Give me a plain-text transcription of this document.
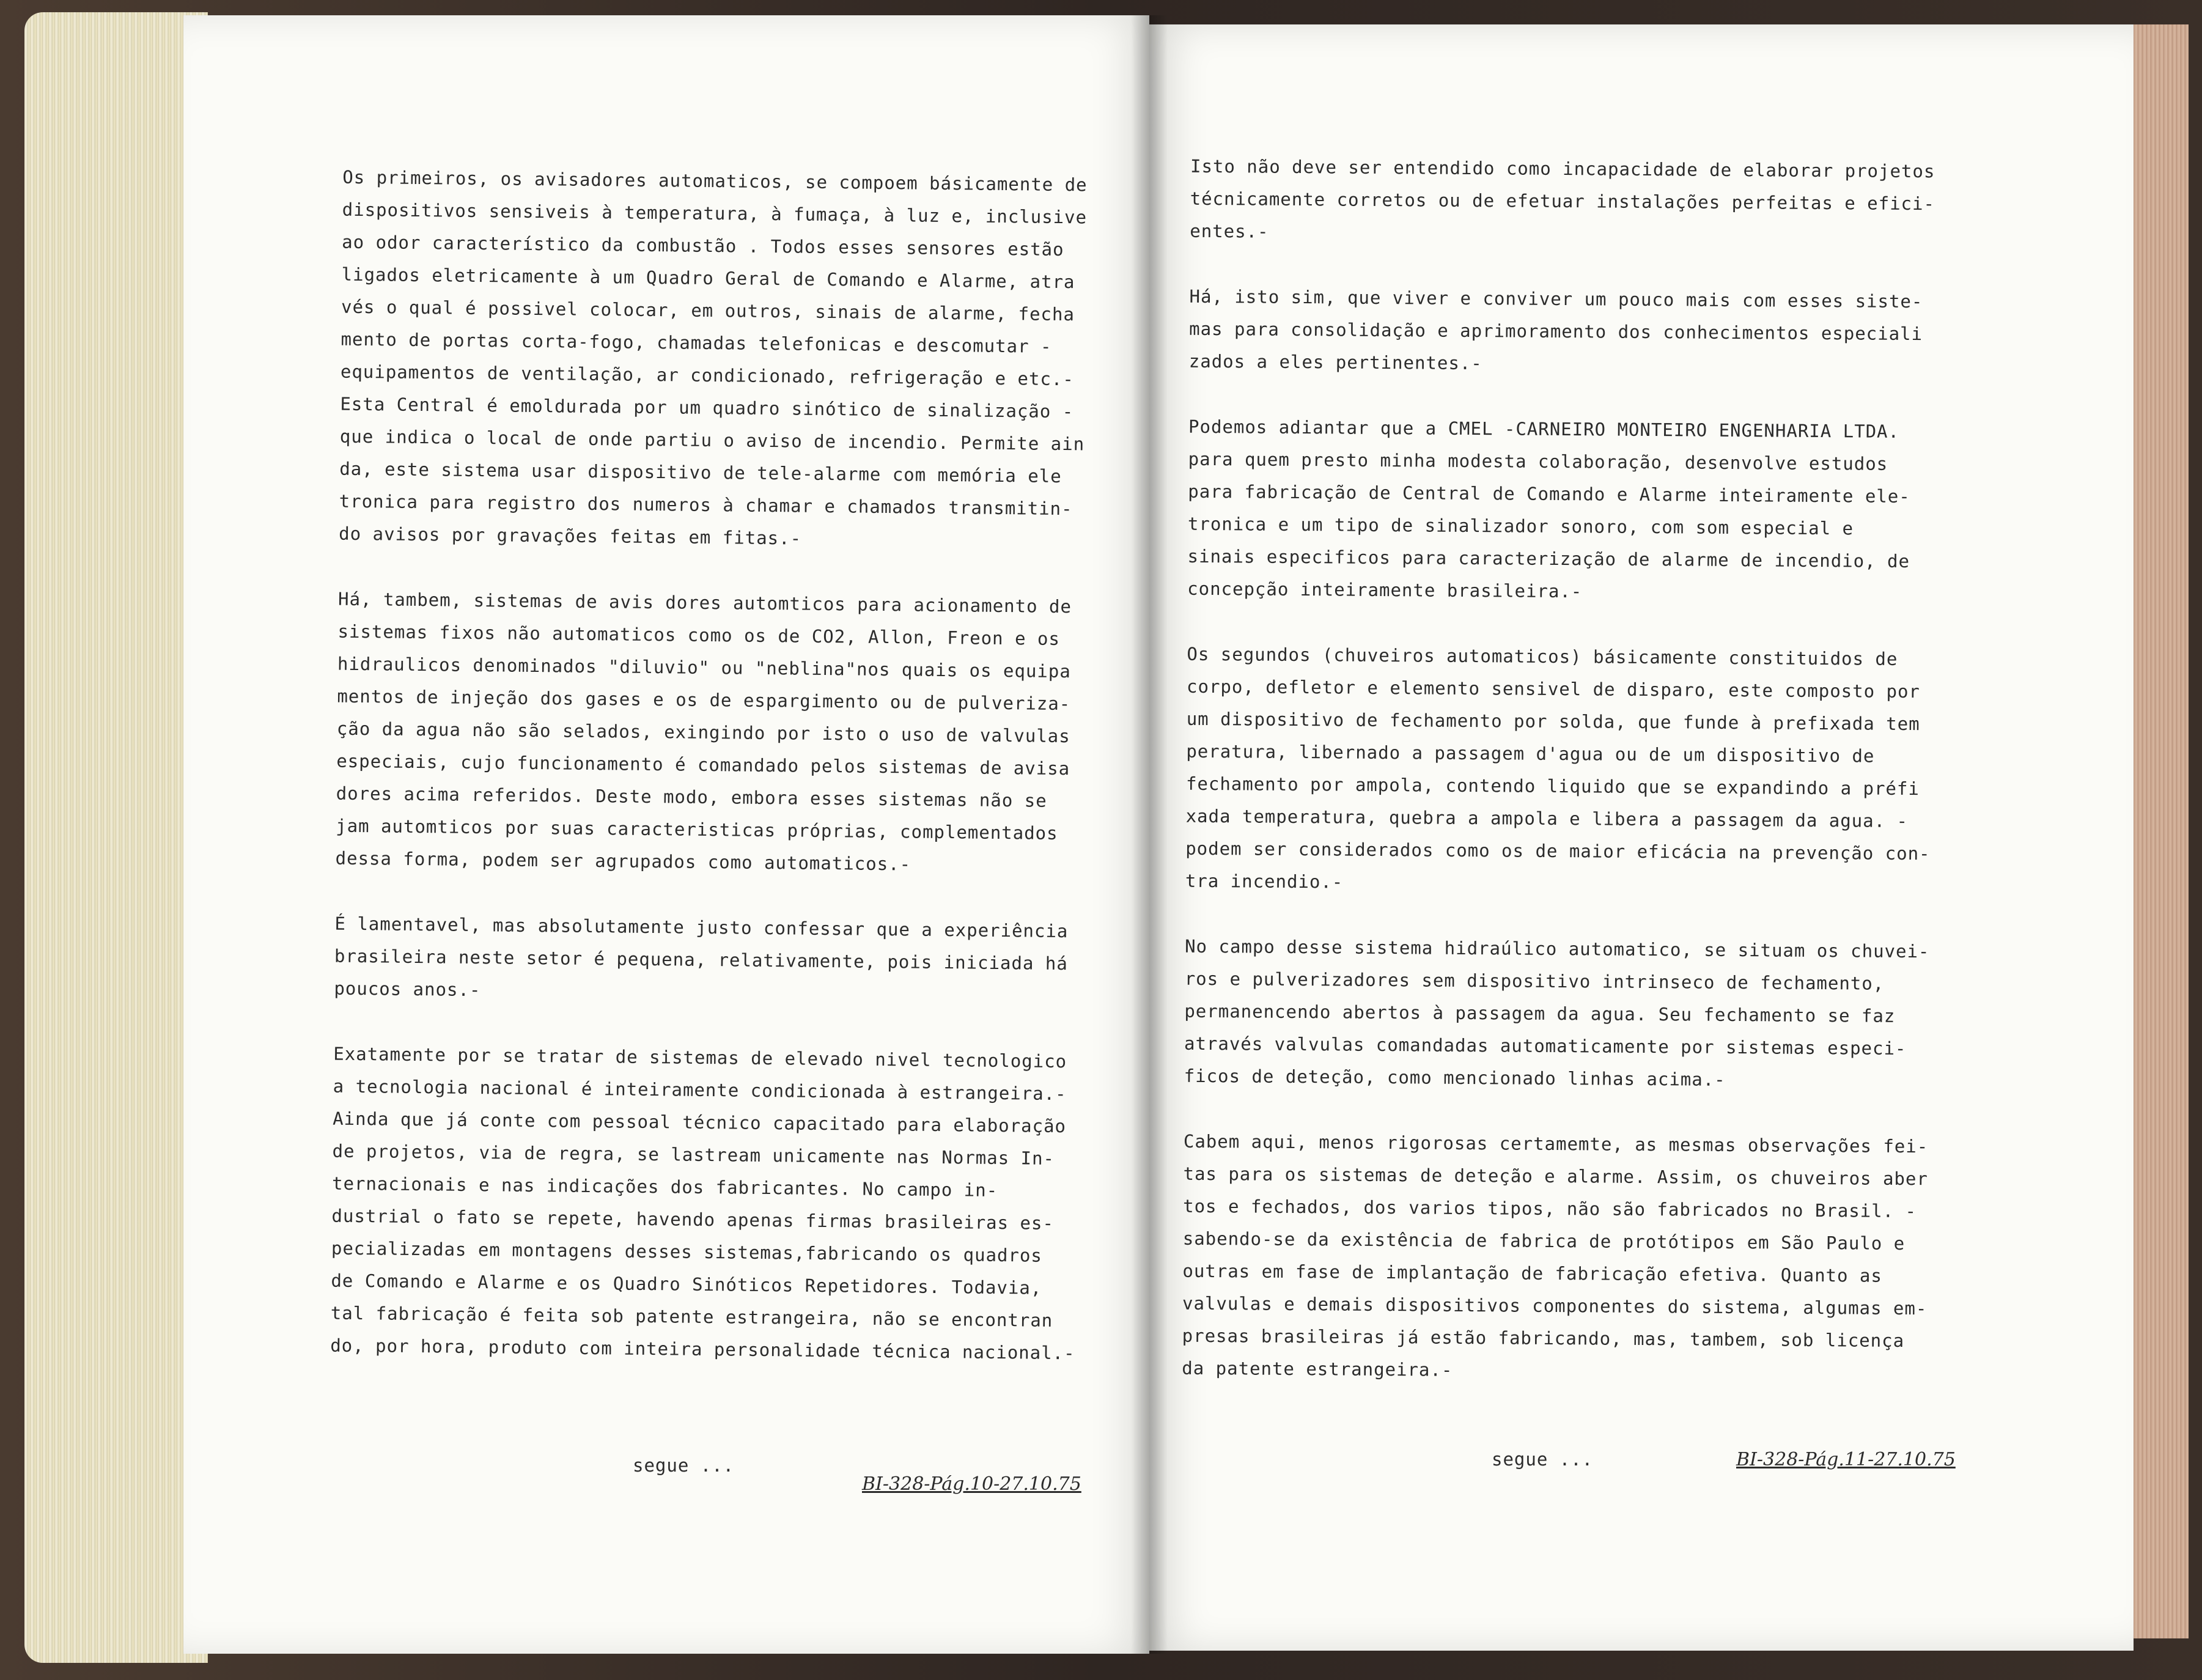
Os primeiros, os avisadores automaticos, se compoem básicamente de
dispositivos sensiveis à temperatura, à fumaça, à luz e, inclusive
ao odor característico da combustão . Todos esses sensores estão
ligados eletricamente à um Quadro Geral de Comando e Alarme, atra
vés o qual é possivel colocar, em outros, sinais de alarme, fecha
mento de portas corta-fogo, chamadas telefonicas e descomutar -
equipamentos de ventilação, ar condicionado, refrigeração e etc.-
Esta Central é emoldurada por um quadro sinótico de sinalização -
que indica o local de onde partiu o aviso de incendio. Permite ain
da, este sistema usar dispositivo de tele-alarme com memória ele
tronica para registro dos numeros à chamar e chamados transmitin-
do avisos por gravações feitas em fitas.-
Há, tambem, sistemas de avis dores automticos para acionamento de
sistemas fixos não automaticos como os de CO2, Allon, Freon e os
hidraulicos denominados "diluvio" ou "neblina"nos quais os equipa
mentos de injeção dos gases e os de espargimento ou de pulveriza-
ção da agua não são selados, exingindo por isto o uso de valvulas
especiais, cujo funcionamento é comandado pelos sistemas de avisa
dores acima referidos. Deste modo, embora esses sistemas não se
jam automticos por suas caracteristicas próprias, complementados
dessa forma, podem ser agrupados como automaticos.-
É lamentavel, mas absolutamente justo confessar que a experiência
brasileira neste setor é pequena, relativamente, pois iniciada há
poucos anos.-
Exatamente por se tratar de sistemas de elevado nivel tecnologico
a tecnologia nacional é inteiramente condicionada à estrangeira.-
Ainda que já conte com pessoal técnico capacitado para elaboração
de projetos, via de regra, se lastream unicamente nas Normas In-
ternacionais e nas indicações dos fabricantes. No campo in-
dustrial o fato se repete, havendo apenas firmas brasileiras es-
pecializadas em montagens desses sistemas,fabricando os quadros
de Comando e Alarme e os Quadro Sinóticos Repetidores. Todavia,
tal fabricação é feita sob patente estrangeira, não se encontran
do, por hora, produto com inteira personalidade técnica nacional.-
segue ...
BI-328-Pág.10-27.10.75
Isto não deve ser entendido como incapacidade de elaborar projetos
técnicamente corretos ou de efetuar instalações perfeitas e efici-
entes.-
Há, isto sim, que viver e conviver um pouco mais com esses siste-
mas para consolidação e aprimoramento dos conhecimentos especiali
zados a eles pertinentes.-
Podemos adiantar que a CMEL -CARNEIRO MONTEIRO ENGENHARIA LTDA.
para quem presto minha modesta colaboração, desenvolve estudos
para fabricação de Central de Comando e Alarme inteiramente ele-
tronica e um tipo de sinalizador sonoro, com som especial e
sinais especificos para caracterização de alarme de incendio, de
concepção inteiramente brasileira.-
Os segundos (chuveiros automaticos) básicamente constituidos de
corpo, defletor e elemento sensivel de disparo, este composto por
um dispositivo de fechamento por solda, que funde à prefixada tem
peratura, libernado a passagem d'agua ou de um dispositivo de
fechamento por ampola, contendo liquido que se expandindo a préfi
xada temperatura, quebra a ampola e libera a passagem da agua. -
podem ser considerados como os de maior eficácia na prevenção con-
tra incendio.-
No campo desse sistema hidraúlico automatico, se situam os chuvei-
ros e pulverizadores sem dispositivo intrinseco de fechamento,
permanencendo abertos à passagem da agua. Seu fechamento se faz
através valvulas comandadas automaticamente por sistemas especi-
ficos de deteção, como mencionado linhas acima.-
Cabem aqui, menos rigorosas certamemte, as mesmas observações fei-
tas para os sistemas de deteção e alarme. Assim, os chuveiros aber
tos e fechados, dos varios tipos, não são fabricados no Brasil. -
sabendo-se da existência de fabrica de protótipos em São Paulo e
outras em fase de implantação de fabricação efetiva. Quanto as
valvulas e demais dispositivos componentes do sistema, algumas em-
presas brasileiras já estão fabricando, mas, tambem, sob licença
da patente estrangeira.-
segue ...	BI-328-Pág.11-27.10.75
